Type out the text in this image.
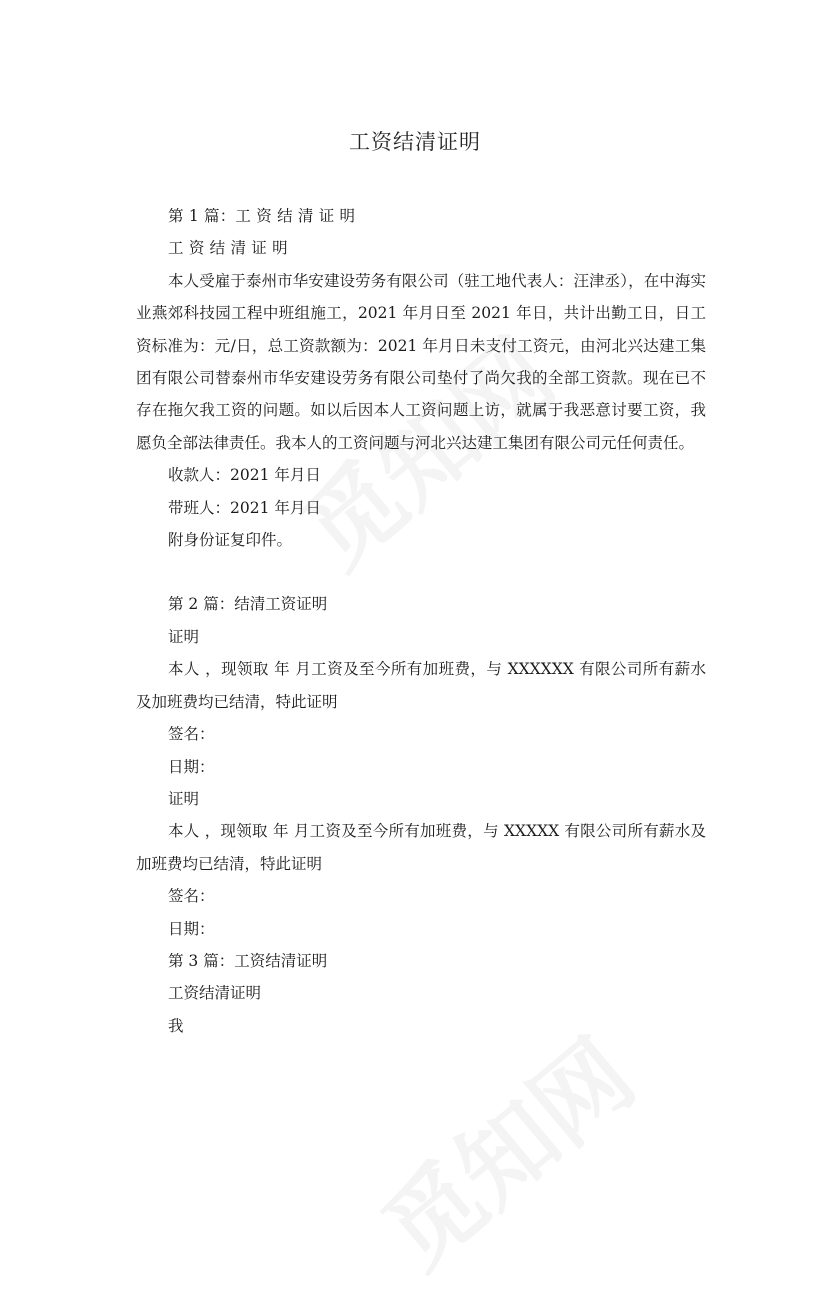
工资结清证明

第 1 篇：工 资 结 清 证 明

工 资 结 清 证 明

本人受雇于泰州市华安建设劳务有限公司（驻工地代表人：汪津丞），在中海实业燕郊科技园工程中班组施工，2021 年月日至 2021 年日，共计出勤工日，日工资标准为：元/日，总工资款额为：2021 年月日未支付工资元，由河北兴达建工集团有限公司替泰州市华安建设劳务有限公司垫付了尚欠我的全部工资款。现在已不存在拖欠我工资的问题。如以后因本人工资问题上访，就属于我恶意讨要工资，我愿负全部法律责任。我本人的工资问题与河北兴达建工集团有限公司元任何责任。

收款人：2021 年月日

带班人：2021 年月日

附身份证复印件。

第 2 篇：结清工资证明

证明

本人 ，现领取 年 月工资及至今所有加班费，与 XXXXXX 有限公司所有薪水及加班费均已结清，特此证明

签名：

日期：

证明

本人 ，现领取 年 月工资及至今所有加班费，与 XXXXX 有限公司所有薪水及加班费均已结清，特此证明

签名：

日期：

第 3 篇：工资结清证明

工资结清证明

我
